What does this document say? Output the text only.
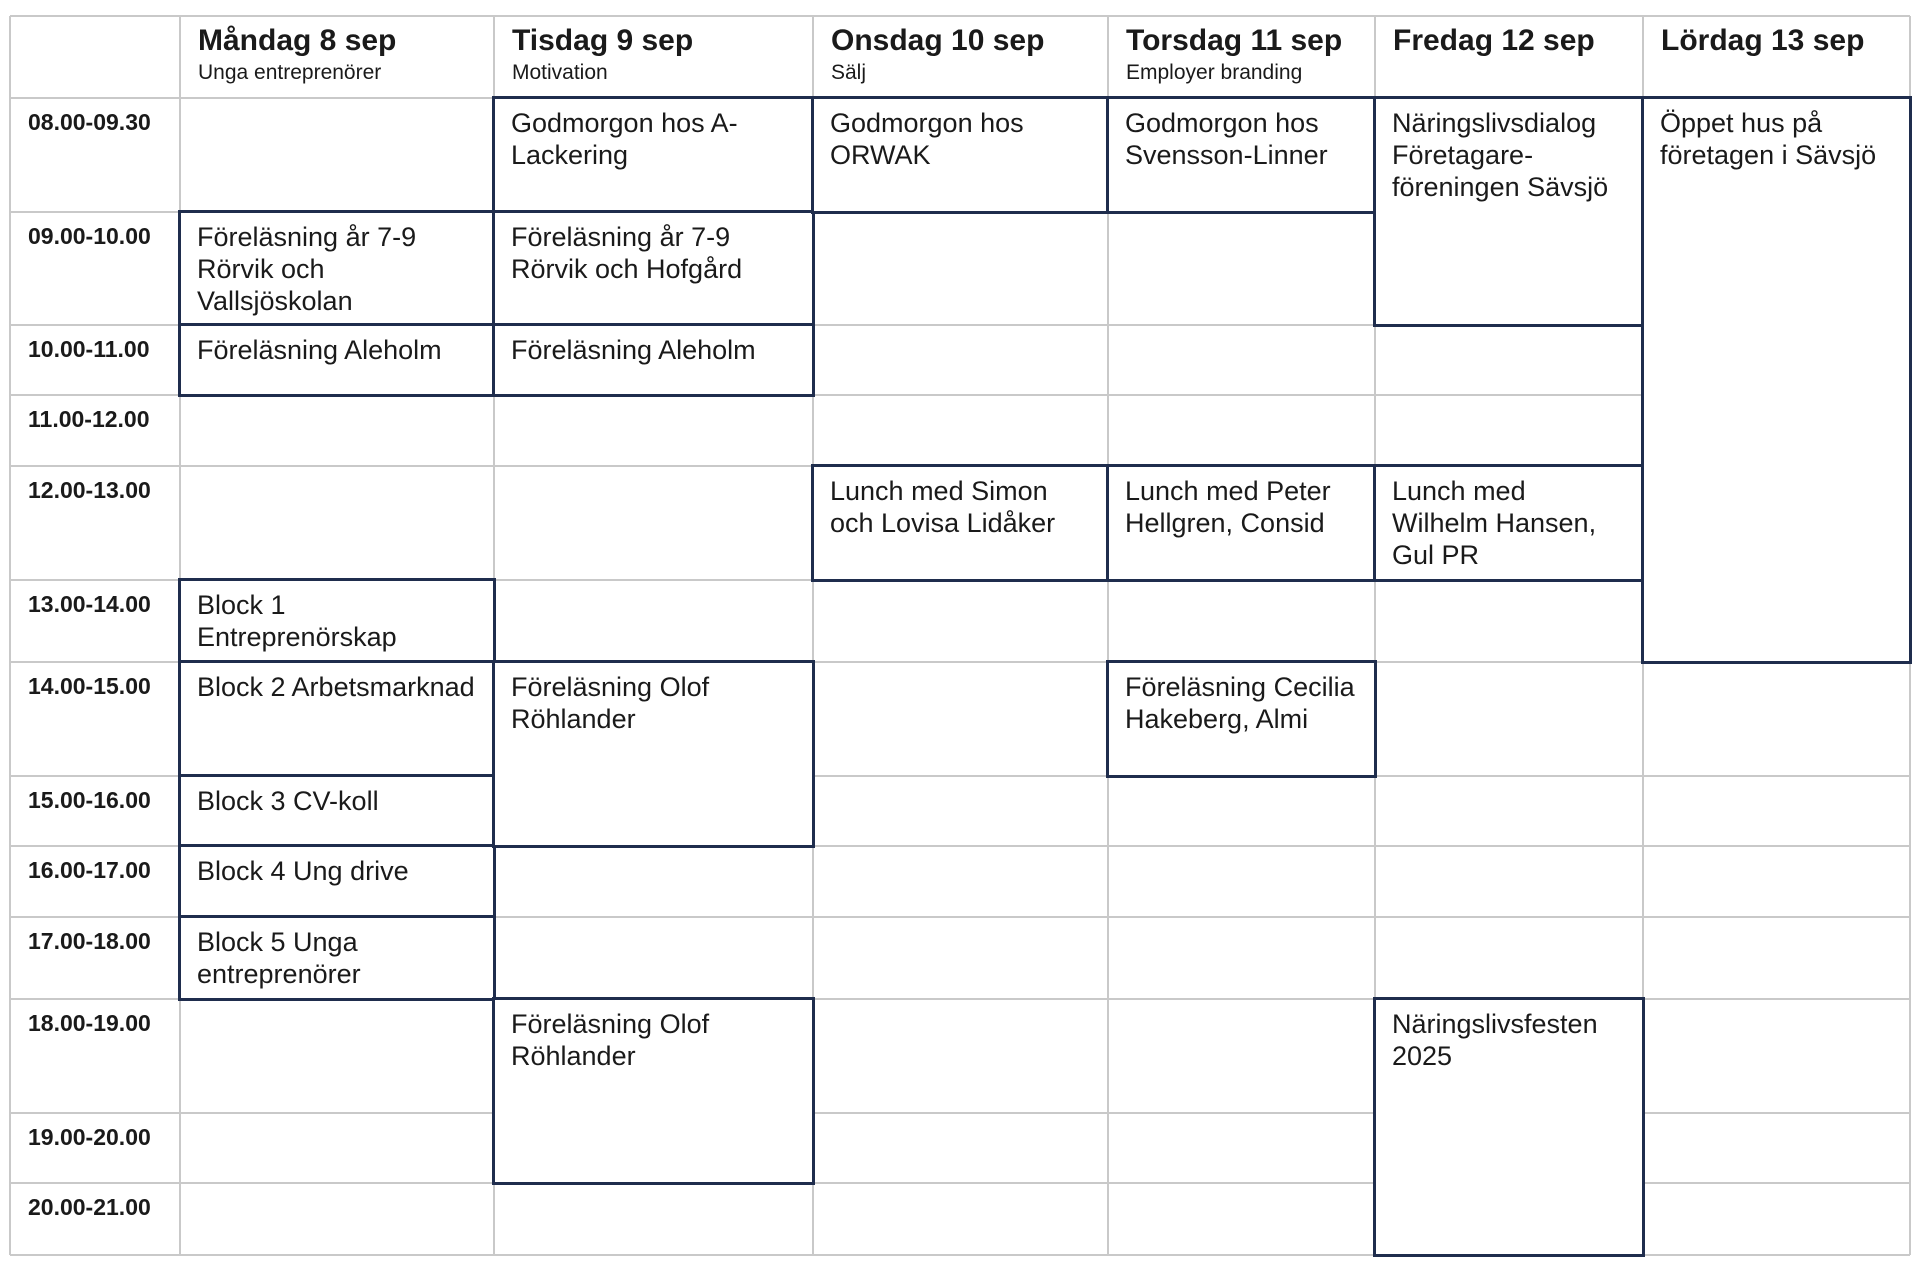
Måndag 8 sep
Unga entreprenörer
Tisdag 9 sep
Motivation
Onsdag 10 sep
Sälj
Torsdag 11 sep
Employer branding
Fredag 12 sep Lördag 13 sep
08.00-09.30
09.00-10.00
10.00-11.00
11.00-12.00
12.00-13.00
13.00-14.00
14.00-15.00
15.00-16.00
16.00-17.00
17.00-18.00
18.00-19.00
19.00-20.00
20.00-21.00
Föreläsning år 7-9 Rörvik och Vallsjöskolan
Föreläsning Aleholm
Block 1 Entreprenörskap
Block 2 Arbetsmarknad
Block 3 CV-koll
Block 4 Ung drive
Block 5 Unga entreprenörer
Godmorgon hos A-Lackering
Föreläsning år 7-9 Rörvik och Hofgård
Föreläsning Aleholm
Föreläsning Olof Röhlander
Föreläsning Olof Röhlander
Godmorgon hos ORWAK
Lunch med Simon och Lovisa Lidåker
Godmorgon hos Svensson-Linner
Lunch med Peter Hellgren, Consid
Föreläsning Cecilia Hakeberg, Almi
Näringslivsdialog Företagare-föreningen Sävsjö
Lunch med Wilhelm Hansen, Gul PR
Näringslivsfesten 2025
Öppet hus på företagen i Sävsjö
